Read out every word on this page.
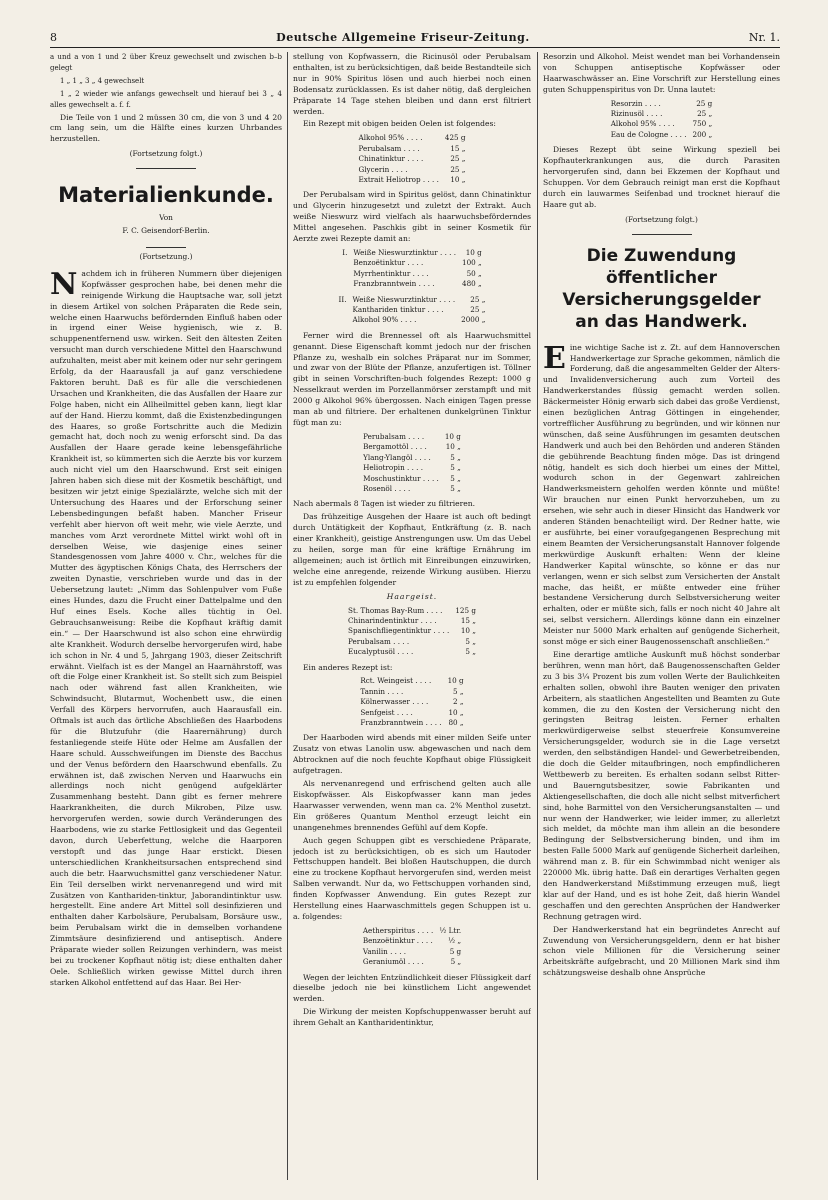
8	Deutsche Allgemeine Friseur-Zeitung.	Nr. 1.

a und a von 1 und 2 über Kreuz gewechselt und zwischen b–b gelegt

1 „ 1 „ 3 „ 4 gewechselt

1 „ 2 wieder wie anfangs gewechselt und hierauf bei 3 „ 4 alles gewechselt a. f. f.

Die Teile von 1 und 2 müssen 30 cm, die von 3 und 4 20 cm lang sein, um die Hälfte eines kurzen Uhrbandes herzustellen.

(Fortsetzung folgt.)

Materialienkunde.

Von

F. C. Geisendorf-Berlin.

(Fortsetzung.)

Nachdem ich in früheren Nummern über diejenigen Kopfwässer gesprochen habe, bei denen mehr die reinigende Wirkung die Hauptsache war, soll jetzt in diesem Artikel von solchen Präparaten die Rede sein, welche einen Haarwuchs befördernden Einfluß haben oder in irgend einer Weise hygienisch, wie z. B. schuppenentfernend usw. wirken. Seit den ältesten Zeiten versucht man durch verschiedene Mittel den Haarschwund aufzuhalten, meist aber mit keinem oder nur sehr geringem Erfolg, da der Haarausfall ja auf ganz verschiedene Faktoren beruht. Daß es für alle die verschiedenen Ursachen und Krankheiten, die das Ausfallen der Haare zur Folge haben, nicht ein Allheilmittel geben kann, liegt klar auf der Hand. Hierzu kommt, daß die Existenzbedingungen des Haares, so große Fortschritte auch die Medizin gemacht hat, doch noch zu wenig erforscht sind. Da das Ausfallen der Haare gerade keine lebensgefährliche Krankheit ist, so kümmerten sich die Aerzte bis vor kurzem auch nicht viel um den Haarschwund. Erst seit einigen Jahren haben sich diese mit der Kosmetik beschäftigt, und besitzen wir jetzt einige Spezialärzte, welche sich mit der Untersuchung des Haares und der Erforschung seiner Lebensbedingungen befaßt haben. Mancher Friseur verfehlt aber hiervon oft weit mehr, wie viele Aerzte, und manches vom Arzt verordnete Mittel wirkt wohl oft in derselben Weise, wie dasjenige eines seiner Standesgenossen vom Jahre 4000 v. Chr., welches für die Mutter des ägyptischen Königs Chata, des Herrschers der zweiten Dynastie, verschrieben wurde und das in der Uebersetzung lautet: „Nimm das Sohlenpulver vom Fuße eines Hundes, dazu die Frucht einer Dattelpalme und den Huf eines Esels. Koche alles tüchtig in Oel. Gebrauchsanweisung: Reibe die Kopfhaut kräftig damit ein.“ — Der Haarschwund ist also schon eine ehrwürdig alte Krankheit. Wodurch derselbe hervorgerufen wird, habe ich schon in Nr. 4 und 5, Jahrgang 1903, dieser Zeitschrift erwähnt. Vielfach ist es der Mangel an Haarnährstoff, was oft die Folge einer Krankheit ist. So stellt sich zum Beispiel nach oder während fast allen Krankheiten, wie Schwindsucht, Blutarmut, Wochenbett usw., die einen Verfall des Körpers hervorrufen, auch Haarausfall ein. Oftmals ist auch das örtliche Abschließen des Haarbodens für die Blutzufuhr (die Haarernährung) durch festanliegende steife Hüte oder Helme am Ausfallen der Haare schuld. Ausschweifungen im Dienste des Bacchus und der Venus befördern den Haarschwund ebenfalls. Zu erwähnen ist, daß zwischen Nerven und Haarwuchs ein allerdings noch nicht genügend aufgeklärter Zusammenhang besteht. Dann gibt es ferner mehrere Haarkrankheiten, die durch Mikroben, Pilze usw. hervorgerufen werden, sowie durch Veränderungen des Haarbodens, wie zu starke Fettlosigkeit und das Gegenteil davon, durch Ueberfettung, welche die Haarporen verstopft und das junge Haar erstickt. Diesen unterschiedlichen Krankheitsursachen entsprechend sind auch die betr. Haarwuchsmittel ganz verschiedener Natur. Ein Teil derselben wirkt nervenanregend und wird mit Zusätzen von Kanthariden-tinktur, Jaborandintinktur usw. hergestellt. Eine andere Art Mittel soll desinfizieren und enthalten daher Karbolsäure, Perubalsam, Borsäure usw., beim Perubalsam wirkt die in demselben vorhandene Zimmtsäure desinfizierend und antiseptisch. Andere Präparate wieder sollen Reizungen verhindern, was meist bei zu trockener Kopfhaut nötig ist; diese enthalten daher Oele. Schließlich wirken gewisse Mittel durch ihren starken Alkohol entfettend auf das Haar. Bei Her-

stellung von Kopfwassern, die Ricinusöl oder Perubalsam enthalten, ist zu berücksichtigen, daß beide Bestandteile sich nur in 90% Spiritus lösen und auch hierbei noch einen Bodensatz zurücklassen. Es ist daher nötig, daß dergleichen Präparate 14 Tage stehen bleiben und dann erst filtriert werden.

Ein Rezept mit obigen beiden Oelen ist folgendes:

Alkohol 95% . . . .	425 g
Perubalsam . . . .	15 „
Chinatinktur . . . .	25 „
Glycerin . . . .	25 „
Extrait Heliotrop . . . .	10 „

Der Perubalsam wird in Spiritus gelöst, dann Chinatinktur und Glycerin hinzugesetzt und zuletzt der Extrakt. Auch weiße Nieswurz wird vielfach als haarwuchsbeförderndes Mittel angesehen. Paschkis gibt in seiner Kosmetik für Aerzte zwei Rezepte damit an:

I.	Weiße Nieswurztinktur . . . .	10 g
	Benzoëtinktur . . . .	100 „
	Myrrhentinktur . . . .	50 „
	Franzbranntwein . . . .	480 „
II.	Weiße Nieswurztinktur . . . .	25 „
	Kanthariden tinktur . . . .	25 „
	Alkohol 90% . . . .	2000 „

Ferner wird die Brennessel oft als Haarwuchsmittel genannt. Diese Eigenschaft kommt jedoch nur der frischen Pflanze zu, weshalb ein solches Präparat nur im Sommer, und zwar von der Blüte der Pflanze, anzufertigen ist. Töllner gibt in seinen Vorschriften-buch folgendes Rezept: 1000 g Nesselkraut werden im Porzellanmörser zerstampft und mit 2000 g Alkohol 96% übergossen. Nach einigen Tagen presse man ab und filtriere. Der erhaltenen dunkelgrünen Tinktur fügt man zu:

Perubalsam . . . .	10 g
Bergamottöl . . . .	10 „
Ylang-Ylangöl . . . .	5 „
Heliotropin . . . .	5 „
Moschustinktur . . . .	5 „
Rosenöl . . . .	5 „

Nach abermals 8 Tagen ist wieder zu filtrieren.

Das frühzeitige Ausgehen der Haare ist auch oft bedingt durch Untätigkeit der Kopfhaut, Entkräftung (z. B. nach einer Krankheit), geistige Anstrengungen usw. Um das Uebel zu heilen, sorge man für eine kräftige Ernährung im allgemeinen; auch ist örtlich mit Einreibungen einzuwirken, welche eine anregende, reizende Wirkung ausüben. Hierzu ist zu empfehlen folgender

Haargeist.

St. Thomas Bay-Rum . . . .	125 g
Chinarindentinktur . . . .	15 „
Spanischfliegentinktur . . . .	10 „
Perubalsam . . . .	5 „
Eucalyptusöl . . . .	5 „

Ein anderes Rezept ist:

Rct. Weingeist . . . .	10 g
Tannin . . . .	5 „
Kölnerwasser . . . .	2 „
Senfgeist . . . .	10 „
Franzbranntwein . . . .	80 „

Der Haarboden wird abends mit einer milden Seife unter Zusatz von etwas Lanolin usw. abgewaschen und nach dem Abtrocknen auf die noch feuchte Kopfhaut obige Flüssigkeit aufgetragen.

Als nervenanregend und erfrischend gelten auch alle Eiskopfwässer. Als Eiskopfwasser kann man jedes Haarwasser verwenden, wenn man ca. 2% Menthol zusetzt. Ein größeres Quantum Menthol erzeugt leicht ein unangenehmes brennendes Gefühl auf dem Kopfe.

Auch gegen Schuppen gibt es verschiedene Präparate, jedoch ist zu berücksichtigen, ob es sich um Hautoder Fettschuppen handelt. Bei bloßen Hautschuppen, die durch eine zu trockene Kopfhaut hervorgerufen sind, werden meist Salben verwandt. Nur da, wo Fettschuppen vorhanden sind, finden Kopfwasser Anwendung. Ein gutes Rezept zur Herstellung eines Haarwaschmittels gegen Schuppen ist u. a. folgendes:

Aetherspiritus . . . .	½ Ltr.
Benzoëtinktur . . . .	½ „
Vanilin . . . .	5 g
Geraniumöl . . . .	5 „

Wegen der leichten Entzündlichkeit dieser Flüssigkeit darf dieselbe jedoch nie bei künstlichem Licht angewendet werden.

Die Wirkung der meisten Kopfschuppenwasser beruht auf ihrem Gehalt an Kantharidentinktur,

Resorzin und Alkohol. Meist wendet man bei Vorhandensein von Schuppen antiseptische Kopfwässer oder Haarwaschwässer an. Eine Vorschrift zur Herstellung eines guten Schuppenspiritus von Dr. Unna lautet:

Resorzin . . . .	25 g
Rizinusöl . . . .	25 „
Alkohol 95% . . . .	750 „
Eau de Cologne . . . .	200 „

Dieses Rezept übt seine Wirkung speziell bei Kopfhauterkrankungen aus, die durch Parasiten hervorgerufen sind, dann bei Ekzemen der Kopfhaut und Schuppen. Vor dem Gebrauch reinigt man erst die Kopfhaut durch ein lauwarmes Seifenbad und trocknet hierauf die Haare gut ab.

(Fortsetzung folgt.)

Die Zuwendung
öffentlicher Versicherungsgelder
an das Handwerk.

Eine wichtige Sache ist z. Zt. auf dem Hannoverschen Handwerkertage zur Sprache gekommen, nämlich die Forderung, daß die angesammelten Gelder der Alters- und Invalidenversicherung auch zum Vorteil des Handwerkerstandes flüssig gemacht werden sollen. Bäckermeister Hönig erwarb sich dabei das große Verdienst, einen bezüglichen Antrag Göttingen in eingehender, vortrefflicher Ausführung zu begründen, und wir können nur wünschen, daß seine Ausführungen im gesamten deutschen Handwerk und auch bei den Behörden und anderen Ständen die gebührende Beachtung finden möge. Das ist dringend nötig, handelt es sich doch hierbei um eines der Mittel, wodurch schon in der Gegenwart zahlreichen Handwerksmeistern geholfen werden könnte und müßte! Wir brauchen nur einen Punkt hervorzuheben, um zu ersehen, wie sehr auch in dieser Hinsicht das Handwerk vor anderen Ständen benachteiligt wird. Der Redner hatte, wie er ausführte, bei einer voraufgegangenen Besprechung mit einem Beamten der Versicherungsanstalt Hannover folgende merkwürdige Auskunft erhalten: Wenn der kleine Handwerker Kapital wünschte, so könne er das nur verlangen, wenn er sich selbst zum Versicherten der Anstalt mache, das heißt, er müßte entweder eine früher bestandene Versicherung durch Selbstversicherung weiter erhalten, oder er müßte sich, falls er noch nicht 40 Jahre alt sei, selbst versichern. Allerdings könne dann ein einzelner Meister nur 5000 Mark erhalten auf genügende Sicherheit, sonst möge er sich einer Baugenossenschaft anschließen.“

Eine derartige amtliche Auskunft muß höchst sonderbar berühren, wenn man hört, daß Baugenossenschaften Gelder zu 3 bis 3¼ Prozent bis zum vollen Werte der Baulichkeiten erhalten sollen, obwohl ihre Bauten weniger den privaten Arbeitern, als staatlichen Angestellten und Beamten zu Gute kommen, die zu den Kosten der Versicherung nicht den geringsten Beitrag leisten. Ferner erhalten merkwürdigerweise selbst steuerfreie Konsumvereine Versicherungsgelder, wodurch sie in die Lage versetzt werden, den selbständigen Handel- und Gewerbetreibenden, die doch die Gelder mitaufbringen, noch empfindlicheren Wettbewerb zu bereiten. Es erhalten sodann selbst Ritter- und Bauerngutsbesitzer, sowie Fabrikanten und Aktiengesellschaften, die doch alle nicht selbst mitverfichert sind, hohe Barmittel von den Versicherungsanstalten — und nur wenn der Handwerker, wie leider immer, zu allerletzt sich meldet, da möchte man ihm allein an die besondere Bedingung der Selbstversicherung binden, und ihm im besten Falle 5000 Mark auf genügende Sicherheit darleihen, während man z. B. für ein Schwimmbad nicht weniger als 220000 Mk. übrig hatte. Daß ein derartiges Verhalten gegen den Handwerkerstand Mißstimmung erzeugen muß, liegt klar auf der Hand, und es ist hohe Zeit, daß hierin Wandel geschaffen und den gerechten Ansprüchen der Handwerker Rechnung getragen wird.

Der Handwerkerstand hat ein begründetes Anrecht auf Zuwendung von Versicherungsgeldern, denn er hat bisher schon viele Millionen für die Versicherung seiner Arbeitskräfte aufgebracht, und 20 Millionen Mark sind ihm schätzungsweise deshalb ohne Ansprüche
